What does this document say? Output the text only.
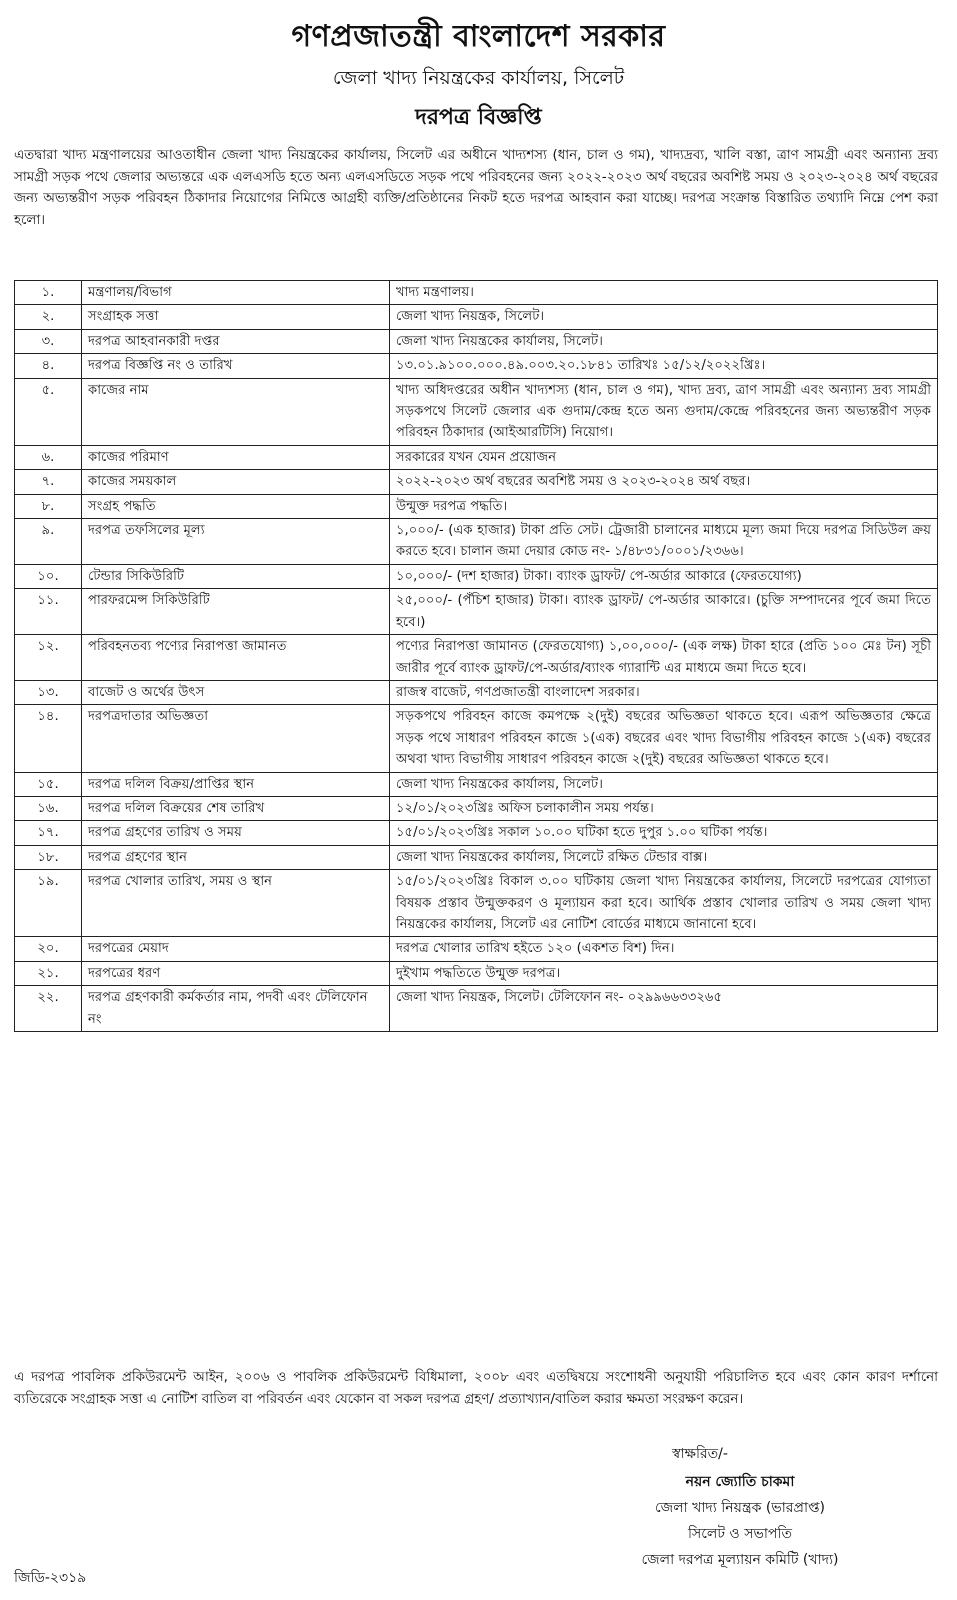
গণপ্রজাতন্ত্রী বাংলাদেশ সরকার
জেলা খাদ্য নিয়ন্ত্রকের কার্যালয়, সিলেট
দরপত্র বিজ্ঞপ্তি
এতদ্বারা খাদ্য মন্ত্রণালয়ের আওতাধীন জেলা খাদ্য নিয়ন্ত্রকের কার্যালয়, সিলেট এর অধীনে খাদ্যশস্য (ধান, চাল ও গম), খাদ্যদ্রব্য, খালি বস্তা, ত্রাণ সামগ্রী এবং অন্যান্য দ্রব্য সামগ্রী সড়ক পথে জেলার অভ্যন্তরে এক এলএসডি হতে অন্য এলএসডিতে সড়ক পথে পরিবহনের জন্য ২০২২-২০২৩ অর্থ বছরের অবশিষ্ট সময় ও ২০২৩-২০২৪ অর্থ বছরের জন্য অভ্যন্তরীণ সড়ক পরিবহন ঠিকাদার নিয়োগের নিমিত্তে আগ্রহী ব্যক্তি/প্রতিষ্ঠানের নিকট হতে দরপত্র আহবান করা যাচ্ছে। দরপত্র সংক্রান্ত বিস্তারিত তথ্যাদি নিম্নে পেশ করা হলো।
১.	মন্ত্রণালয়/বিভাগ	খাদ্য মন্ত্রণালয়।
২.	সংগ্রাহক সত্তা	জেলা খাদ্য নিয়ন্ত্রক, সিলেট।
৩.	দরপত্র আহবানকারী দপ্তর	জেলা খাদ্য নিয়ন্ত্রকের কার্যালয়, সিলেট।
৪.	দরপত্র বিজ্ঞপ্তি নং ও তারিখ	১৩.০১.৯১০০.০০০.৪৯.০০৩.২০.১৮৪১ তারিখঃ ১৫/১২/২০২২খ্রিঃ।
৫.	কাজের নাম	খাদ্য অধিদপ্তরের অধীন খাদ্যশস্য (ধান, চাল ও গম), খাদ্য দ্রব্য, ত্রাণ সামগ্রী এবং অন্যান্য দ্রব্য সামগ্রী সড়কপথে সিলেট জেলার এক গুদাম/কেন্দ্র হতে অন্য গুদাম/কেন্দ্রে পরিবহনের জন্য অভ্যন্তরীণ সড়ক পরিবহন ঠিকাদার (আইআরটিসি) নিয়োগ।
৬.	কাজের পরিমাণ	সরকারের যখন যেমন প্রয়োজন
৭.	কাজের সময়কাল	২০২২-২০২৩ অর্থ বছরের অবশিষ্ট সময় ও ২০২৩-২০২৪ অর্থ বছর।
৮.	সংগ্রহ পদ্ধতি	উন্মুক্ত দরপত্র পদ্ধতি।
৯.	দরপত্র তফসিলের মূল্য	১,০০০/- (এক হাজার) টাকা প্রতি সেট। ট্রেজারী চালানের মাধ্যমে মূল্য জমা দিয়ে দরপত্র সিডিউল ক্রয় করতে হবে। চালান জমা দেয়ার কোড নং- ১/৪৮৩১/০০০১/২৩৬৬।
১০.	টেন্ডার সিকিউরিটি	১০,০০০/- (দশ হাজার) টাকা। ব্যাংক ড্রাফট/ পে-অর্ডার আকারে (ফেরতযোগ্য)
১১.	পারফরমেন্স সিকিউরিটি	২৫,০০০/- (পঁচিশ হাজার) টাকা। ব্যাংক ড্রাফট/ পে-অর্ডার আকারে। (চুক্তি সম্পাদনের পূর্বে জমা দিতে হবে।)
১২.	পরিবহনতব্য পণ্যের নিরাপত্তা জামানত	পণ্যের নিরাপত্তা জামানত (ফেরতযোগ্য) ১,০০,০০০/- (এক লক্ষ) টাকা হারে (প্রতি ১০০ মেঃ টন) সূচী জারীর পূর্বে ব্যাংক ড্রাফট/পে-অর্ডার/ব্যাংক গ্যারান্টি এর মাধ্যমে জমা দিতে হবে।
১৩.	বাজেট ও অর্থের উৎস	রাজস্ব বাজেট, গণপ্রজাতন্ত্রী বাংলাদেশ সরকার।
১৪.	দরপত্রদাতার অভিজ্ঞতা	সড়কপথে পরিবহন কাজে কমপক্ষে ২(দুই) বছরের অভিজ্ঞতা থাকতে হবে। এরূপ অভিজ্ঞতার ক্ষেত্রে সড়ক পথে সাধারণ পরিবহন কাজে ১(এক) বছরের এবং খাদ্য বিভাগীয় পরিবহন কাজে ১(এক) বছরের অথবা খাদ্য বিভাগীয় সাধারণ পরিবহন কাজে ২(দুই) বছরের অভিজ্ঞতা থাকতে হবে।
১৫.	দরপত্র দলিল বিক্রয়/প্রাপ্তির স্থান	জেলা খাদ্য নিয়ন্ত্রকের কার্যালয়, সিলেট।
১৬.	দরপত্র দলিল বিক্রয়ের শেষ তারিখ	১২/০১/২০২৩খ্রিঃ অফিস চলাকালীন সময় পর্যন্ত।
১৭.	দরপত্র গ্রহণের তারিখ ও সময়	১৫/০১/২০২৩খ্রিঃ সকাল ১০.০০ ঘটিকা হতে দুপুর ১.০০ ঘটিকা পর্যন্ত।
১৮.	দরপত্র গ্রহণের স্থান	জেলা খাদ্য নিয়ন্ত্রকের কার্যালয়, সিলেটে রক্ষিত টেন্ডার বাক্স।
১৯.	দরপত্র খোলার তারিখ, সময় ও স্থান	১৫/০১/২০২৩খ্রিঃ বিকাল ৩.০০ ঘটিকায় জেলা খাদ্য নিয়ন্ত্রকের কার্যালয়, সিলেটে দরপত্রের যোগ্যতা বিষয়ক প্রস্তাব উন্মুক্তকরণ ও মূল্যায়ন করা হবে। আর্থিক প্রস্তাব খোলার তারিখ ও সময় জেলা খাদ্য নিয়ন্ত্রকের কার্যালয়, সিলেট এর নোটিশ বোর্ডের মাধ্যমে জানানো হবে।
২০.	দরপত্রের মেয়াদ	দরপত্র খোলার তারিখ হইতে ১২০ (একশত বিশ) দিন।
২১.	দরপত্রের ধরণ	দুইখাম পদ্ধতিতে উন্মুক্ত দরপত্র।
২২.	দরপত্র গ্রহণকারী কর্মকর্তার নাম, পদবী এবং টেলিফোন নং	জেলা খাদ্য নিয়ন্ত্রক, সিলেট। টেলিফোন নং- ০২৯৯৬৬৩৩২৬৫
এ দরপত্র পাবলিক প্রকিউরমেন্ট আইন, ২০০৬ ও পাবলিক প্রকিউরমেন্ট বিধিমালা, ২০০৮ এবং এতদ্বিষয়ে সংশোধনী অনুযায়ী পরিচালিত হবে এবং কোন কারণ দর্শানো ব্যতিরেকে সংগ্রাহক সত্তা এ নোটিশ বাতিল বা পরিবর্তন এবং যেকোন বা সকল দরপত্র গ্রহণ/ প্রত্যাখ্যান/বাতিল করার ক্ষমতা সংরক্ষণ করেন।
স্বাক্ষরিত/-
নয়ন জ্যোতি চাকমা
জেলা খাদ্য নিয়ন্ত্রক (ভারপ্রাপ্ত)
সিলেট ও সভাপতি
জেলা দরপত্র মূল্যায়ন কমিটি (খাদ্য)
জিডি-২৩১৯
